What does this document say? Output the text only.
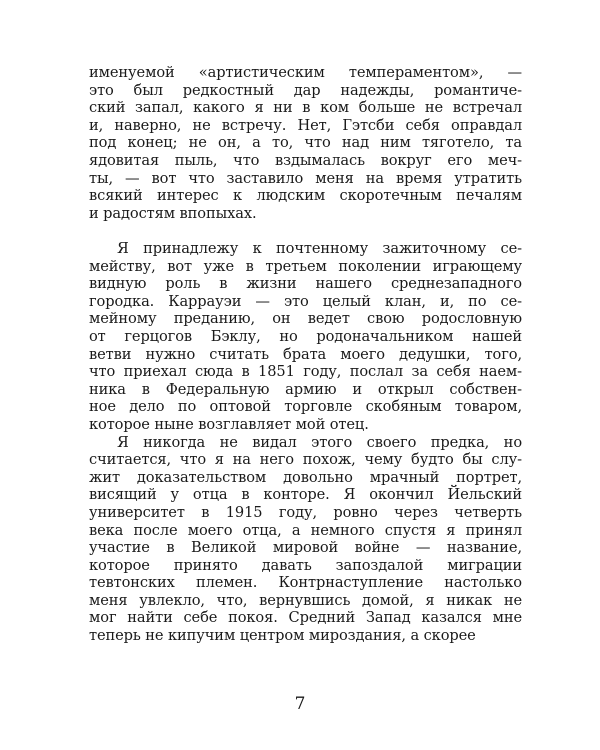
именуемой «артистическим темпераментом», —
это был редкостный дар надежды, романтиче-
ский запал, какого я ни в ком больше не встречал
и, наверно, не встречу. Нет, Гэтсби себя оправдал
под конец; не он, а то, что над ним тяготело, та
ядовитая пыль, что вздымалась вокруг его меч-
ты, — вот что заставило меня на время утратить
всякий интерес к людским скоротечным печалям
и радостям впопыхах.
Я принадлежу к почтенному зажиточному се-
мейству, вот уже в третьем поколении играющему
видную роль в жизни нашего среднезападного
городка. Каррауэи — это целый клан, и, по се-
мейному преданию, он ведет свою родословную
от герцогов Бэклу, но родоначальником нашей
ветви нужно считать брата моего дедушки, того,
что приехал сюда в 1851 году, послал за себя наем-
ника в Федеральную армию и открыл собствен-
ное дело по оптовой торговле скобяным товаром,
которое ныне возглавляет мой отец.
Я никогда не видал этого своего предка, но
считается, что я на него похож, чему будто бы слу-
жит доказательством довольно мрачный портрет,
висящий у отца в конторе. Я окончил Йельский
университет в 1915 году, ровно через четверть
века после моего отца, а немного спустя я принял
участие в Великой мировой войне — название,
которое принято давать запоздалой миграции
тевтонских племен. Контрнаступление настолько
меня увлекло, что, вернувшись домой, я никак не
мог найти себе покоя. Средний Запад казался мне
теперь не кипучим центром мироздания, а скорее
7
